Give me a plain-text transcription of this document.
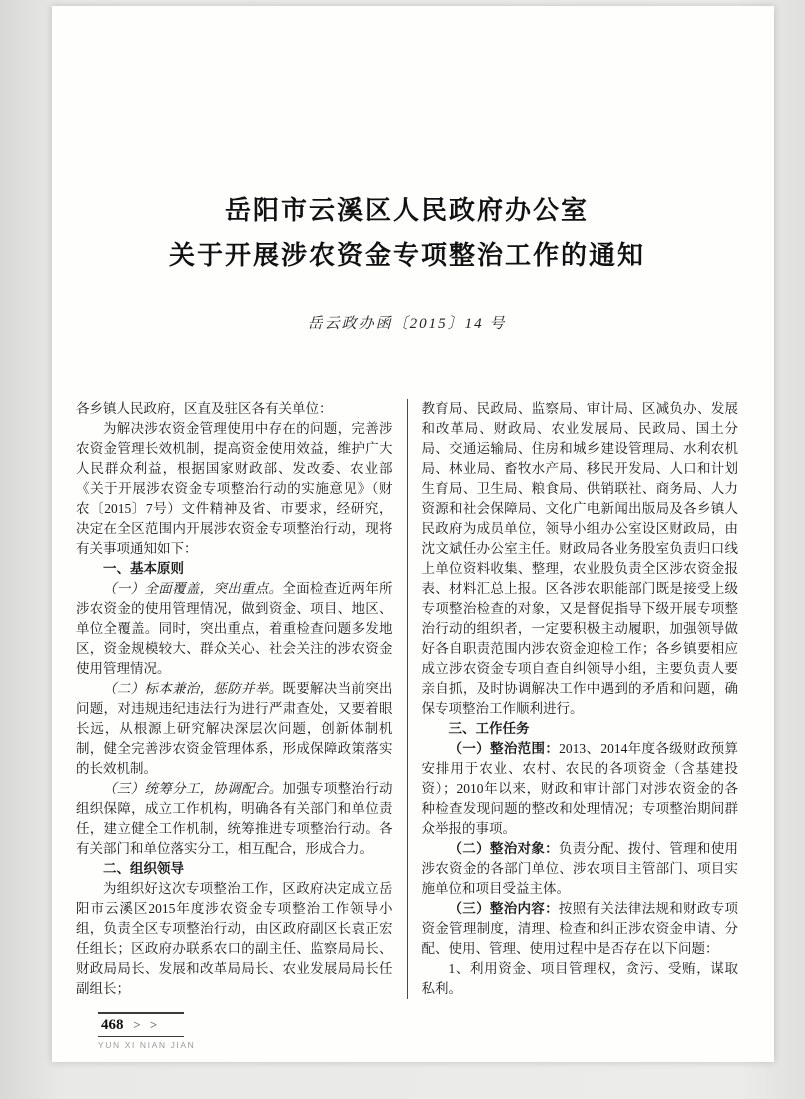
岳阳市云溪区人民政府办公室
关于开展涉农资金专项整治工作的通知
岳云政办函〔2015〕14 号

各乡镇人民政府，区直及驻区各有关单位：

为解决涉农资金管理使用中存在的问题，完善涉农资金管理长效机制，提高资金使用效益，维护广大人民群众利益，根据国家财政部、发改委、农业部《关于开展涉农资金专项整治行动的实施意见》（财农〔2015〕7号）文件精神及省、市要求，经研究，决定在全区范围内开展涉农资金专项整治行动，现将有关事项通知如下：

一、基本原则

（一）全面覆盖，突出重点。全面检查近两年所涉农资金的使用管理情况，做到资金、项目、地区、单位全覆盖。同时，突出重点，着重检查问题多发地区，资金规模较大、群众关心、社会关注的涉农资金使用管理情况。

（二）标本兼治，惩防并举。既要解决当前突出问题，对违规违纪违法行为进行严肃查处，又要着眼长远，从根源上研究解决深层次问题，创新体制机制，健全完善涉农资金管理体系，形成保障政策落实的长效机制。

（三）统筹分工，协调配合。加强专项整治行动组织保障，成立工作机构，明确各有关部门和单位责任，建立健全工作机制，统筹推进专项整治行动。各有关部门和单位落实分工，相互配合，形成合力。

二、组织领导

为组织好这次专项整治工作，区政府决定成立岳阳市云溪区2015年度涉农资金专项整治工作领导小组，负责全区专项整治行动，由区政府副区长袁正宏任组长；区政府办联系农口的副主任、监察局局长、财政局局长、发展和改革局局长、农业发展局局长任副组长；

教育局、民政局、监察局、审计局、区减负办、发展和改革局、财政局、农业发展局、民政局、国土分局、交通运输局、住房和城乡建设管理局、水利农机局、林业局、畜牧水产局、移民开发局、人口和计划生育局、卫生局、粮食局、供销联社、商务局、人力资源和社会保障局、文化广电新闻出版局及各乡镇人民政府为成员单位，领导小组办公室设区财政局，由沈文斌任办公室主任。财政局各业务股室负责归口线上单位资料收集、整理，农业股负责全区涉农资金报表、材料汇总上报。区各涉农职能部门既是接受上级专项整治检查的对象，又是督促指导下级开展专项整治行动的组织者，一定要积极主动履职，加强领导做好各自职责范围内涉农资金迎检工作；各乡镇要相应成立涉农资金专项自查自纠领导小组，主要负责人要亲自抓，及时协调解决工作中遇到的矛盾和问题，确保专项整治工作顺利进行。

三、工作任务

（一）整治范围：2013、2014年度各级财政预算安排用于农业、农村、农民的各项资金（含基建投资）；2010年以来，财政和审计部门对涉农资金的各种检查发现问题的整改和处理情况；专项整治期间群众举报的事项。

（二）整治对象：负责分配、拨付、管理和使用涉农资金的各部门单位、涉农项目主管部门、项目实施单位和项目受益主体。

（三）整治内容：按照有关法律法规和财政专项资金管理制度，清理、检查和纠正涉农资金申请、分配、使用、管理、使用过程中是否存在以下问题：

1、利用资金、项目管理权，贪污、受贿，谋取私利。

468 > >
YUN XI NIAN JIAN
